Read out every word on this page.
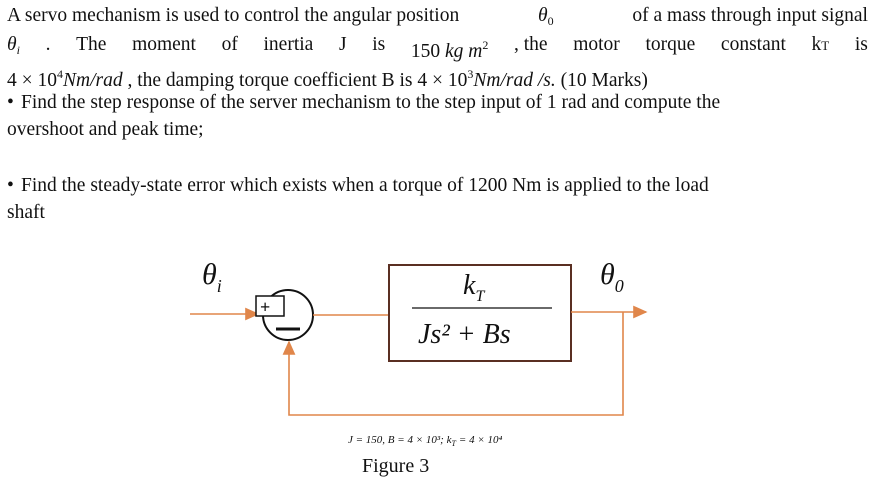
A servo mechanism is used to control the angular position	$\theta_0$	of a mass through input signal
$\theta_i$ . The moment of inertia J is 150 kg $m^2$ , the motor torque constant kT is
$4 \times 10^4Nm$/rad , the damping torque coefficient B is $4 \times 10^3Nm$/rad /s. (10 Marks)
• Find the step response of the server mechanism to the step input of 1 rad and compute the
overshoot and peak time;
• Find the steady-state error which exists when a torque of 1200 Nm is applied to the load
shaft
$\theta_i$
+
$k_T$
Js² + Bs
$\theta_0$
J = 150, B = 4 × 10³; $k_T = 4 \times 10^4$
Figure 3
